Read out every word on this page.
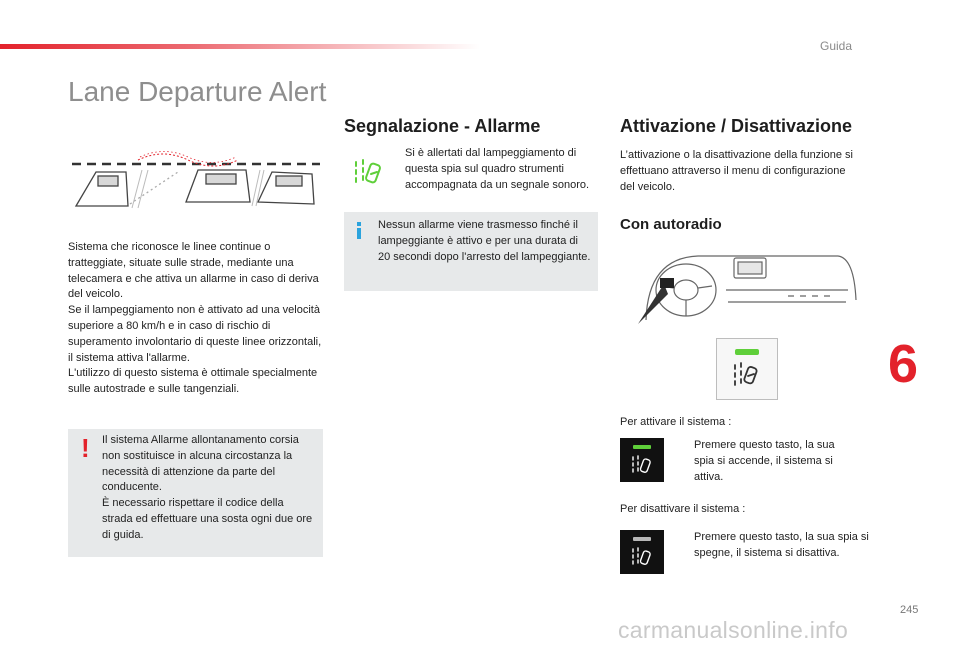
Guida
Lane Departure Alert
Sistema che riconosce le linee continue o tratteggiate, situate sulle strade, mediante una telecamera e che attiva un allarme in caso di deriva del veicolo.
Se il lampeggiamento non è attivato ad una velocità superiore a 80 km/h e in caso di rischio di superamento involontario di queste linee orizzontali, il sistema attiva l'allarme.
L'utilizzo di questo sistema è ottimale specialmente sulle autostrade e sulle tangenziali.
! Il sistema Allarme allontanamento corsia non sostituisce in alcuna circostanza la necessità di attenzione da parte del conducente.
È necessario rispettare il codice della strada ed effettuare una sosta ogni due ore di guida.
Segnalazione - Allarme
Si è allertati dal lampeggiamento di questa spia sul quadro strumenti accompagnata da un segnale sonoro.
Nessun allarme viene trasmesso finché il lampeggiante è attivo e per una durata di 20 secondi dopo l'arresto del lampeggiante.
Attivazione / Disattivazione
L’attivazione o la disattivazione della funzione si effettuano attraverso il menu di configurazione del veicolo.
Con autoradio
Per attivare il sistema :
Premere questo tasto, la sua spia si accende, il sistema si attiva.
Per disattivare il sistema :
Premere questo tasto, la sua spia si spegne, il sistema si disattiva.
6
245
carmanualsonline.info
